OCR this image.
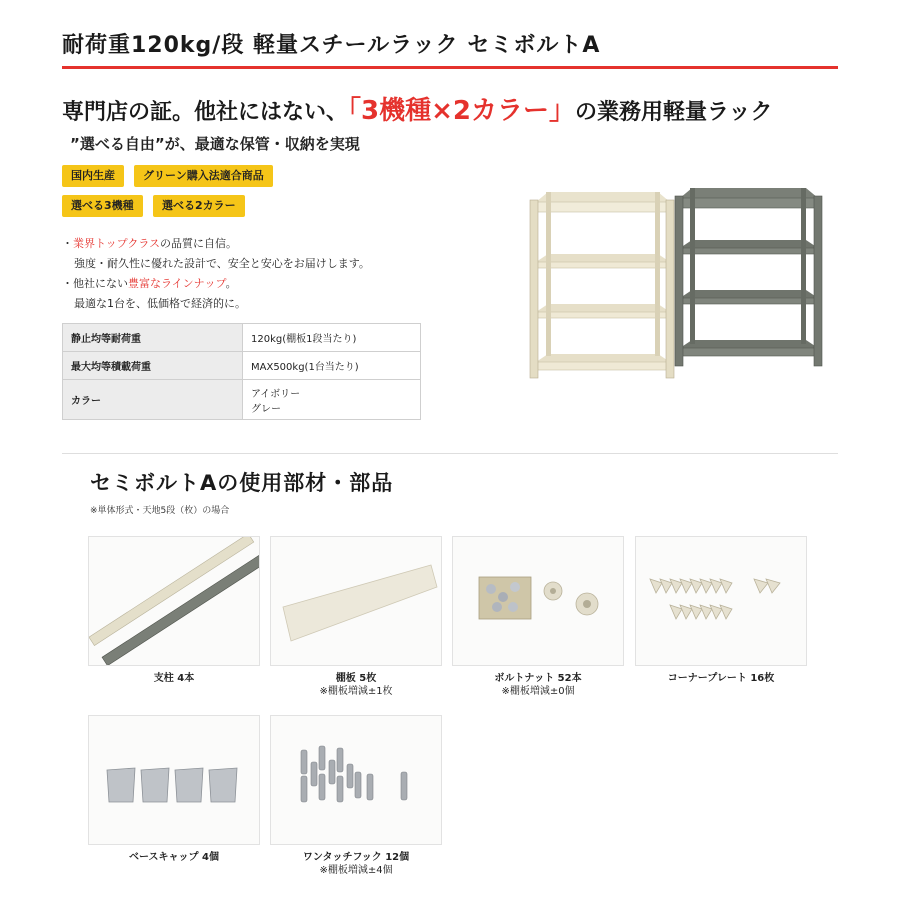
耐荷重120kg/段 軽量スチールラック セミボルトA
専門店の証。他社にはない、「3機種×2カラー」の業務用軽量ラック
”選べる自由”が、最適な保管・収納を実現
国内生産	グリーン購入法適合商品
選べる3機種	選べる2カラー
・業界トップクラスの品質に自信。
強度・耐久性に優れた設計で、安全と安心をお届けします。
・他社にない豊富なラインナップ。
最適な1台を、低価格で経済的に。
静止均等耐荷重	120kg(棚板1段当たり)
最大均等積載荷重	MAX500kg(1台当たり)
カラー	アイボリー
グレー
セミボルトAの使用部材・部品
※単体形式・天地5段（枚）の場合
支柱 4本	棚板 5枚
※棚板増減±1枚
ボルトナット 52本
※棚板増減±0個
コーナープレート 16枚
ベースキャップ 4個	ワンタッチフック 12個
※棚板増減±4個
